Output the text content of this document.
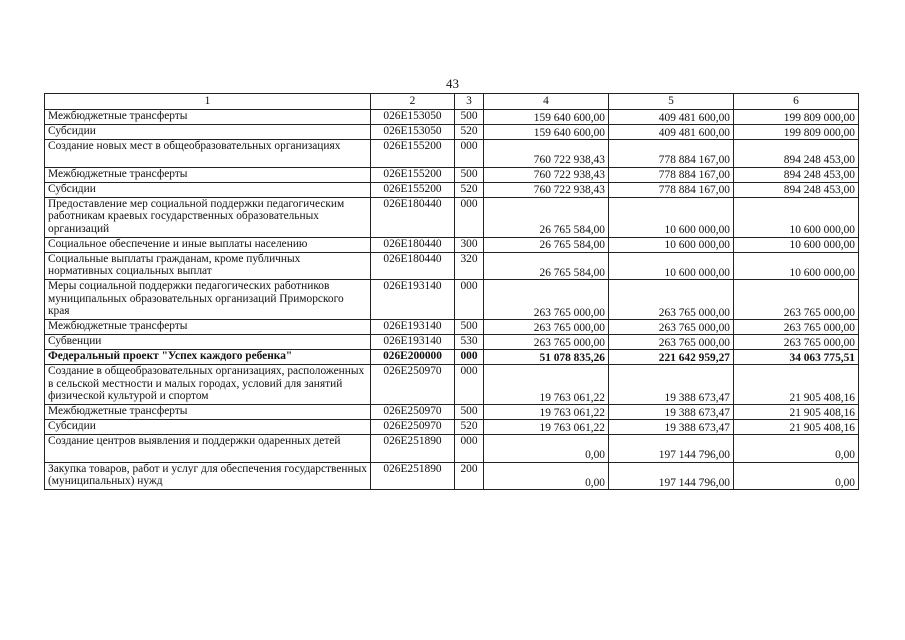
43
1	2	3	4	5	6
Межбюджетные трансферты	026E153050	500	159 640 600,00	409 481 600,00	199 809 000,00
Субсидии	026E153050	520	159 640 600,00	409 481 600,00	199 809 000,00
Создание новых мест в общеобразовательных организациях	026E155200	000	760 722 938,43	778 884 167,00	894 248 453,00
Межбюджетные трансферты	026E155200	500	760 722 938,43	778 884 167,00	894 248 453,00
Субсидии	026E155200	520	760 722 938,43	778 884 167,00	894 248 453,00
Предоставление мер социальной поддержки педагогическим работникам краевых государственных образовательных организаций	026E180440	000	26 765 584,00	10 600 000,00	10 600 000,00
Социальное обеспечение и иные выплаты населению	026E180440	300	26 765 584,00	10 600 000,00	10 600 000,00
Социальные выплаты гражданам, кроме публичных нормативных социальных выплат	026E180440	320	26 765 584,00	10 600 000,00	10 600 000,00
Меры социальной поддержки педагогических работников муниципальных образовательных организаций Приморского края	026E193140	000	263 765 000,00	263 765 000,00	263 765 000,00
Межбюджетные трансферты	026E193140	500	263 765 000,00	263 765 000,00	263 765 000,00
Субвенции	026E193140	530	263 765 000,00	263 765 000,00	263 765 000,00
Федеральный проект "Успех каждого ребенка"	026E200000	000	51 078 835,26	221 642 959,27	34 063 775,51
Создание в общеобразовательных организациях, расположенных в сельской местности и малых городах, условий для занятий физической культурой и спортом	026E250970	000	19 763 061,22	19 388 673,47	21 905 408,16
Межбюджетные трансферты	026E250970	500	19 763 061,22	19 388 673,47	21 905 408,16
Субсидии	026E250970	520	19 763 061,22	19 388 673,47	21 905 408,16
Создание центров выявления и поддержки одаренных детей	026E251890	000	0,00	197 144 796,00	0,00
Закупка товаров, работ и услуг для обеспечения государственных (муниципальных) нужд	026E251890	200	0,00	197 144 796,00	0,00
